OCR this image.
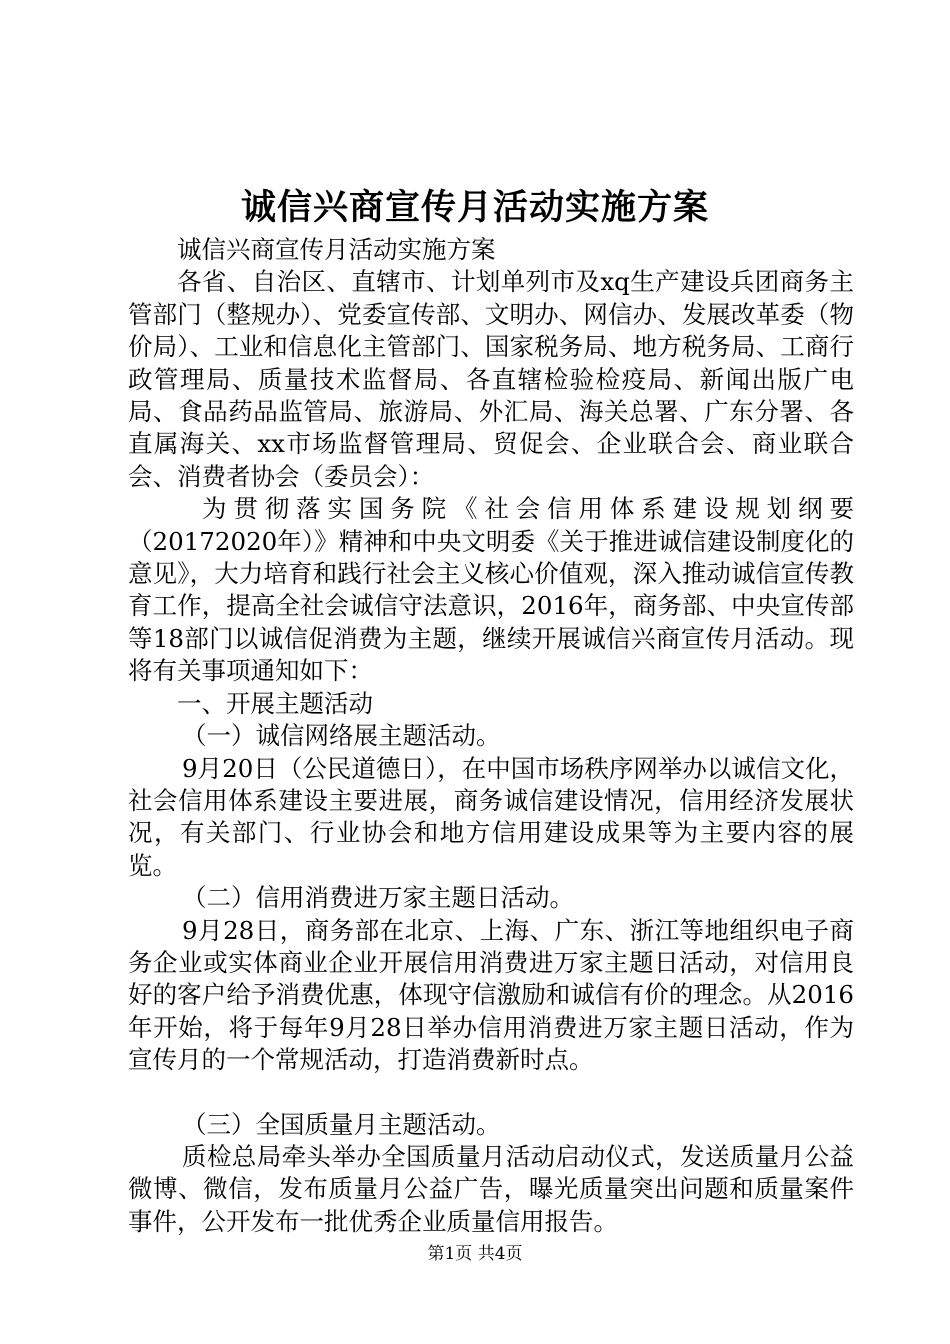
诚信兴商宣传月活动实施方案

诚信兴商宣传月活动实施方案

各省、自治区、直辖市、计划单列市及xq生产建设兵团商务主管部门（整规办）、党委宣传部、文明办、网信办、发展改革委（物价局）、工业和信息化主管部门、国家税务局、地方税务局、工商行政管理局、质量技术监督局、各直辖检验检疫局、新闻出版广电局、食品药品监管局、旅游局、外汇局、海关总署、广东分署、各直属海关、xx市场监督管理局、贸促会、企业联合会、商业联合会、消费者协会（委员会）：

为贯彻落实国务院《社会信用体系建设规划纲要（20172020年）》精神和中央文明委《关于推进诚信建设制度化的意见》，大力培育和践行社会主义核心价值观，深入推动诚信宣传教育工作，提高全社会诚信守法意识，2016年，商务部、中央宣传部等18部门以诚信促消费为主题，继续开展诚信兴商宣传月活动。现将有关事项通知如下：

一、开展主题活动

（一）诚信网络展主题活动。

9月20日（公民道德日），在中国市场秩序网举办以诚信文化，社会信用体系建设主要进展，商务诚信建设情况，信用经济发展状况，有关部门、行业协会和地方信用建设成果等为主要内容的展览。

（二）信用消费进万家主题日活动。

9月28日，商务部在北京、上海、广东、浙江等地组织电子商务企业或实体商业企业开展信用消费进万家主题日活动，对信用良好的客户给予消费优惠，体现守信激励和诚信有价的理念。从2016年开始，将于每年9月28日举办信用消费进万家主题日活动，作为宣传月的一个常规活动，打造消费新时点。

（三）全国质量月主题活动。

质检总局牵头举办全国质量月活动启动仪式，发送质量月公益微博、微信，发布质量月公益广告，曝光质量突出问题和质量案件事件，公开发布一批优秀企业质量信用报告。

第1页 共4页
